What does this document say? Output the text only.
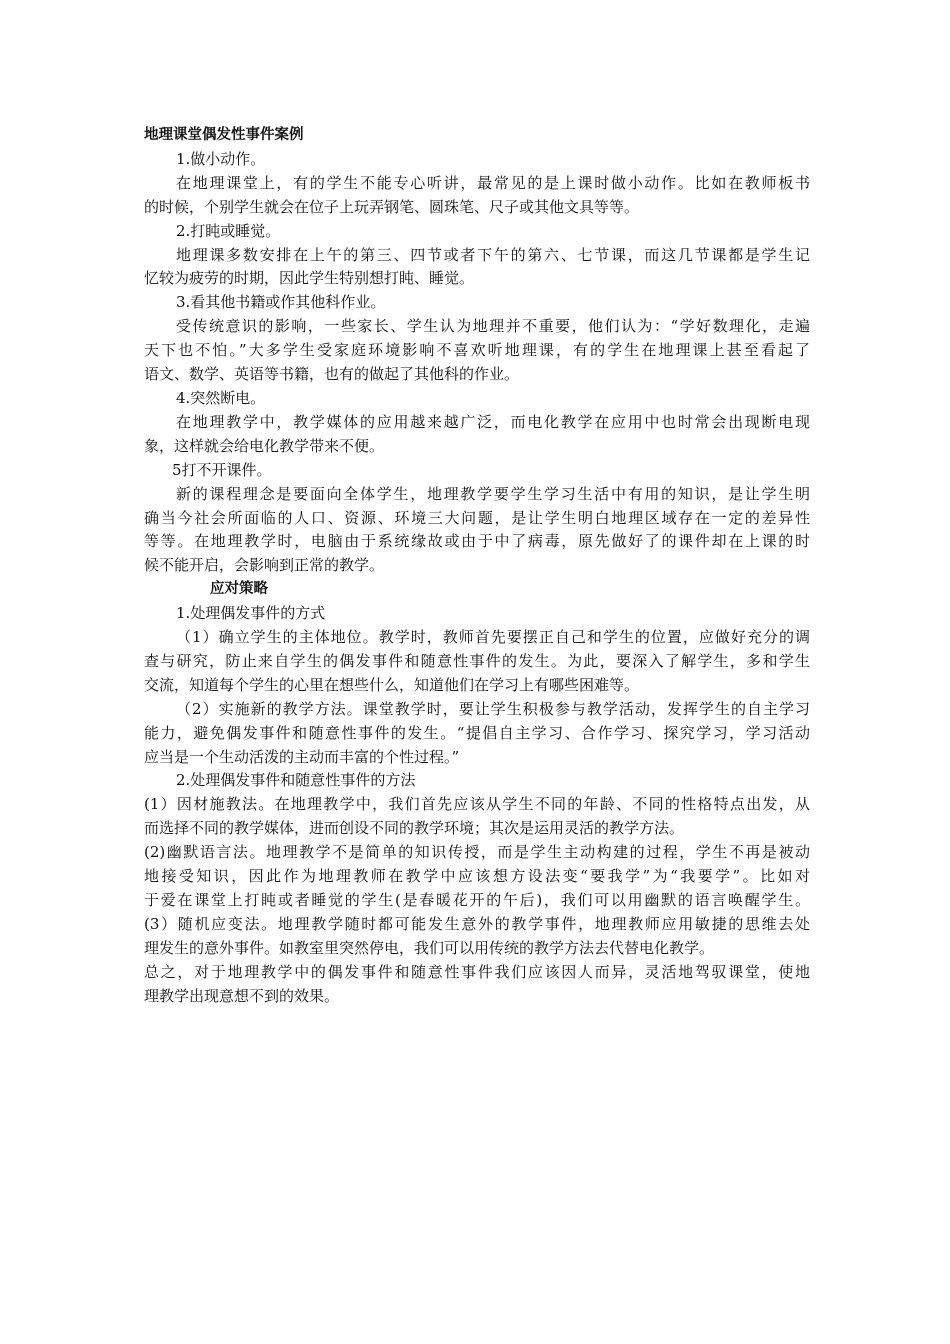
地理课堂偶发性事件案例

1.做小动作。

在地理课堂上，有的学生不能专心听讲，最常见的是上课时做小动作。比如在教师板书

的时候，个别学生就会在位子上玩弄钢笔、圆珠笔、尺子或其他文具等等。

2.打盹或睡觉。

地理课多数安排在上午的第三、四节或者下午的第六、七节课，而这几节课都是学生记

忆较为疲劳的时期，因此学生特别想打盹、睡觉。

3.看其他书籍或作其他科作业。

受传统意识的影响，一些家长、学生认为地理并不重要，他们认为：“学好数理化，走遍

天下也不怕。”大多学生受家庭环境影响不喜欢听地理课，有的学生在地理课上甚至看起了

语文、数学、英语等书籍，也有的做起了其他科的作业。

4.突然断电。

在地理教学中，教学媒体的应用越来越广泛，而电化教学在应用中也时常会出现断电现

象，这样就会给电化教学带来不便。

5打不开课件。

新的课程理念是要面向全体学生，地理教学要学生学习生活中有用的知识，是让学生明

确当今社会所面临的人口、资源、环境三大问题，是让学生明白地理区域存在一定的差异性

等等。在地理教学时，电脑由于系统缘故或由于中了病毒，原先做好了的课件却在上课的时

候不能开启，会影响到正常的教学。

应对策略

1.处理偶发事件的方式

（1）确立学生的主体地位。教学时，教师首先要摆正自己和学生的位置，应做好充分的调

查与研究，防止来自学生的偶发事件和随意性事件的发生。为此，要深入了解学生，多和学生

交流，知道每个学生的心里在想些什么，知道他们在学习上有哪些困难等。

（2）实施新的教学方法。课堂教学时，要让学生积极参与教学活动，发挥学生的自主学习

能力，避免偶发事件和随意性事件的发生。“提倡自主学习、合作学习、探究学习，学习活动

应当是一个生动活泼的主动而丰富的个性过程。”

2.处理偶发事件和随意性事件的方法

(1）因材施教法。在地理教学中，我们首先应该从学生不同的年龄、不同的性格特点出发，从

而选择不同的教学媒体，进而创设不同的教学环境；其次是运用灵活的教学方法。

(2)幽默语言法。地理教学不是简单的知识传授，而是学生主动构建的过程，学生不再是被动

地接受知识，因此作为地理教师在教学中应该想方设法变“要我学”为“我要学”。比如对

于爱在课堂上打盹或者睡觉的学生(是春暖花开的午后)，我们可以用幽默的语言唤醒学生。

(3）随机应变法。地理教学随时都可能发生意外的教学事件，地理教师应用敏捷的思维去处

理发生的意外事件。如教室里突然停电，我们可以用传统的教学方法去代替电化教学。

总之，对于地理教学中的偶发事件和随意性事件我们应该因人而异，灵活地驾驭课堂，使地

理教学出现意想不到的效果。
